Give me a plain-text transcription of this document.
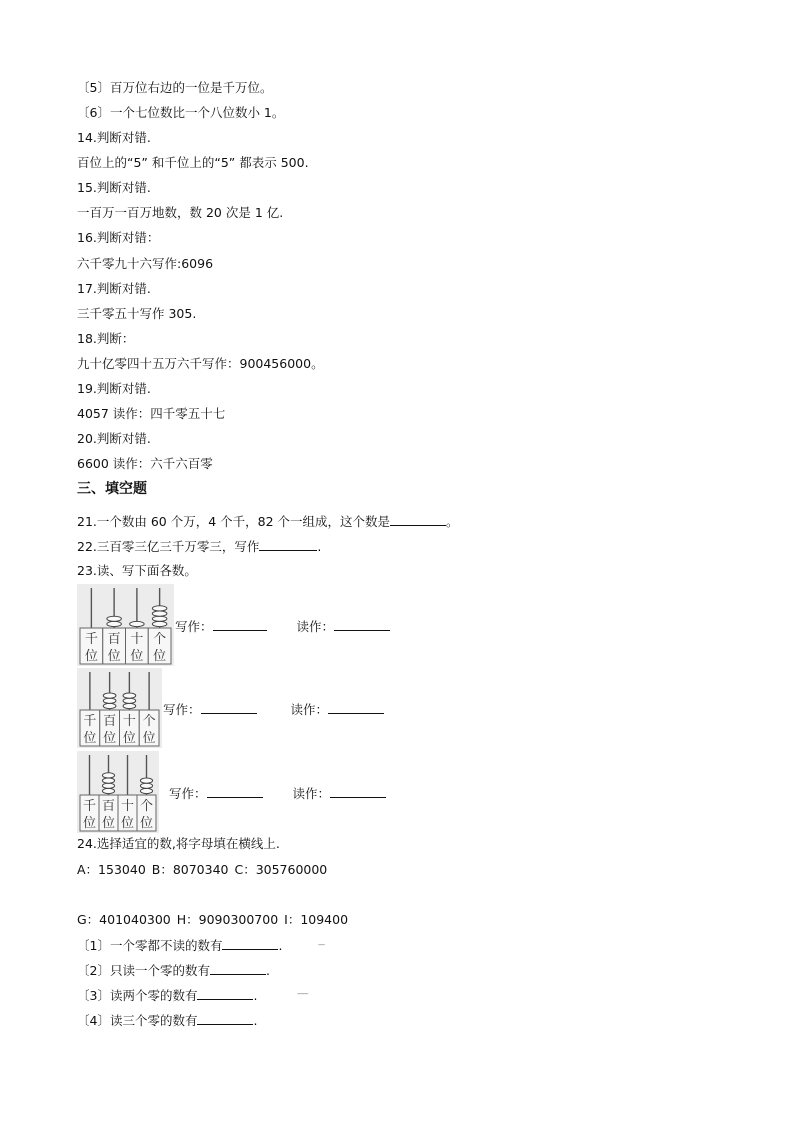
〔5〕百万位右边的一位是千万位。
〔6〕一个七位数比一个八位数小 1。
14.判断对错.
百位上的“5” 和千位上的“5” 都表示 500.
15.判断对错.
一百万一百万地数，数 20 次是 1 亿.
16.判断对错：
六千零九十六写作:6096
17.判断对错.
三千零五十写作 305.
18.判断：
九十亿零四十五万六千写作：900456000。
19.判断对错.
4057 读作：四千零五十七
20.判断对错.
6600 读作：六千六百零
三、填空题
21.一个数由 60 个万，4 个千，82 个一组成，这个数是	。
22.三百零三亿三千万零三，写作	.
23.读、写下面各数。
千
位
百
位
十
位
个
位
写作：	读作：
千
位
百
位
十
位
个
位
写作：	读作：
千
位
百
位
十
位
个
位
写作：	读作：
24.选择适宜的数,将字母填在横线上.
A：153040 B：8070340 C：305760000
G：401040300 H：9090300700 I：109400
〔1〕一个零都不读的数有	.	----
〔2〕只读一个零的数有	.
〔3〕读两个零的数有	.	-------
〔4〕读三个零的数有	.
